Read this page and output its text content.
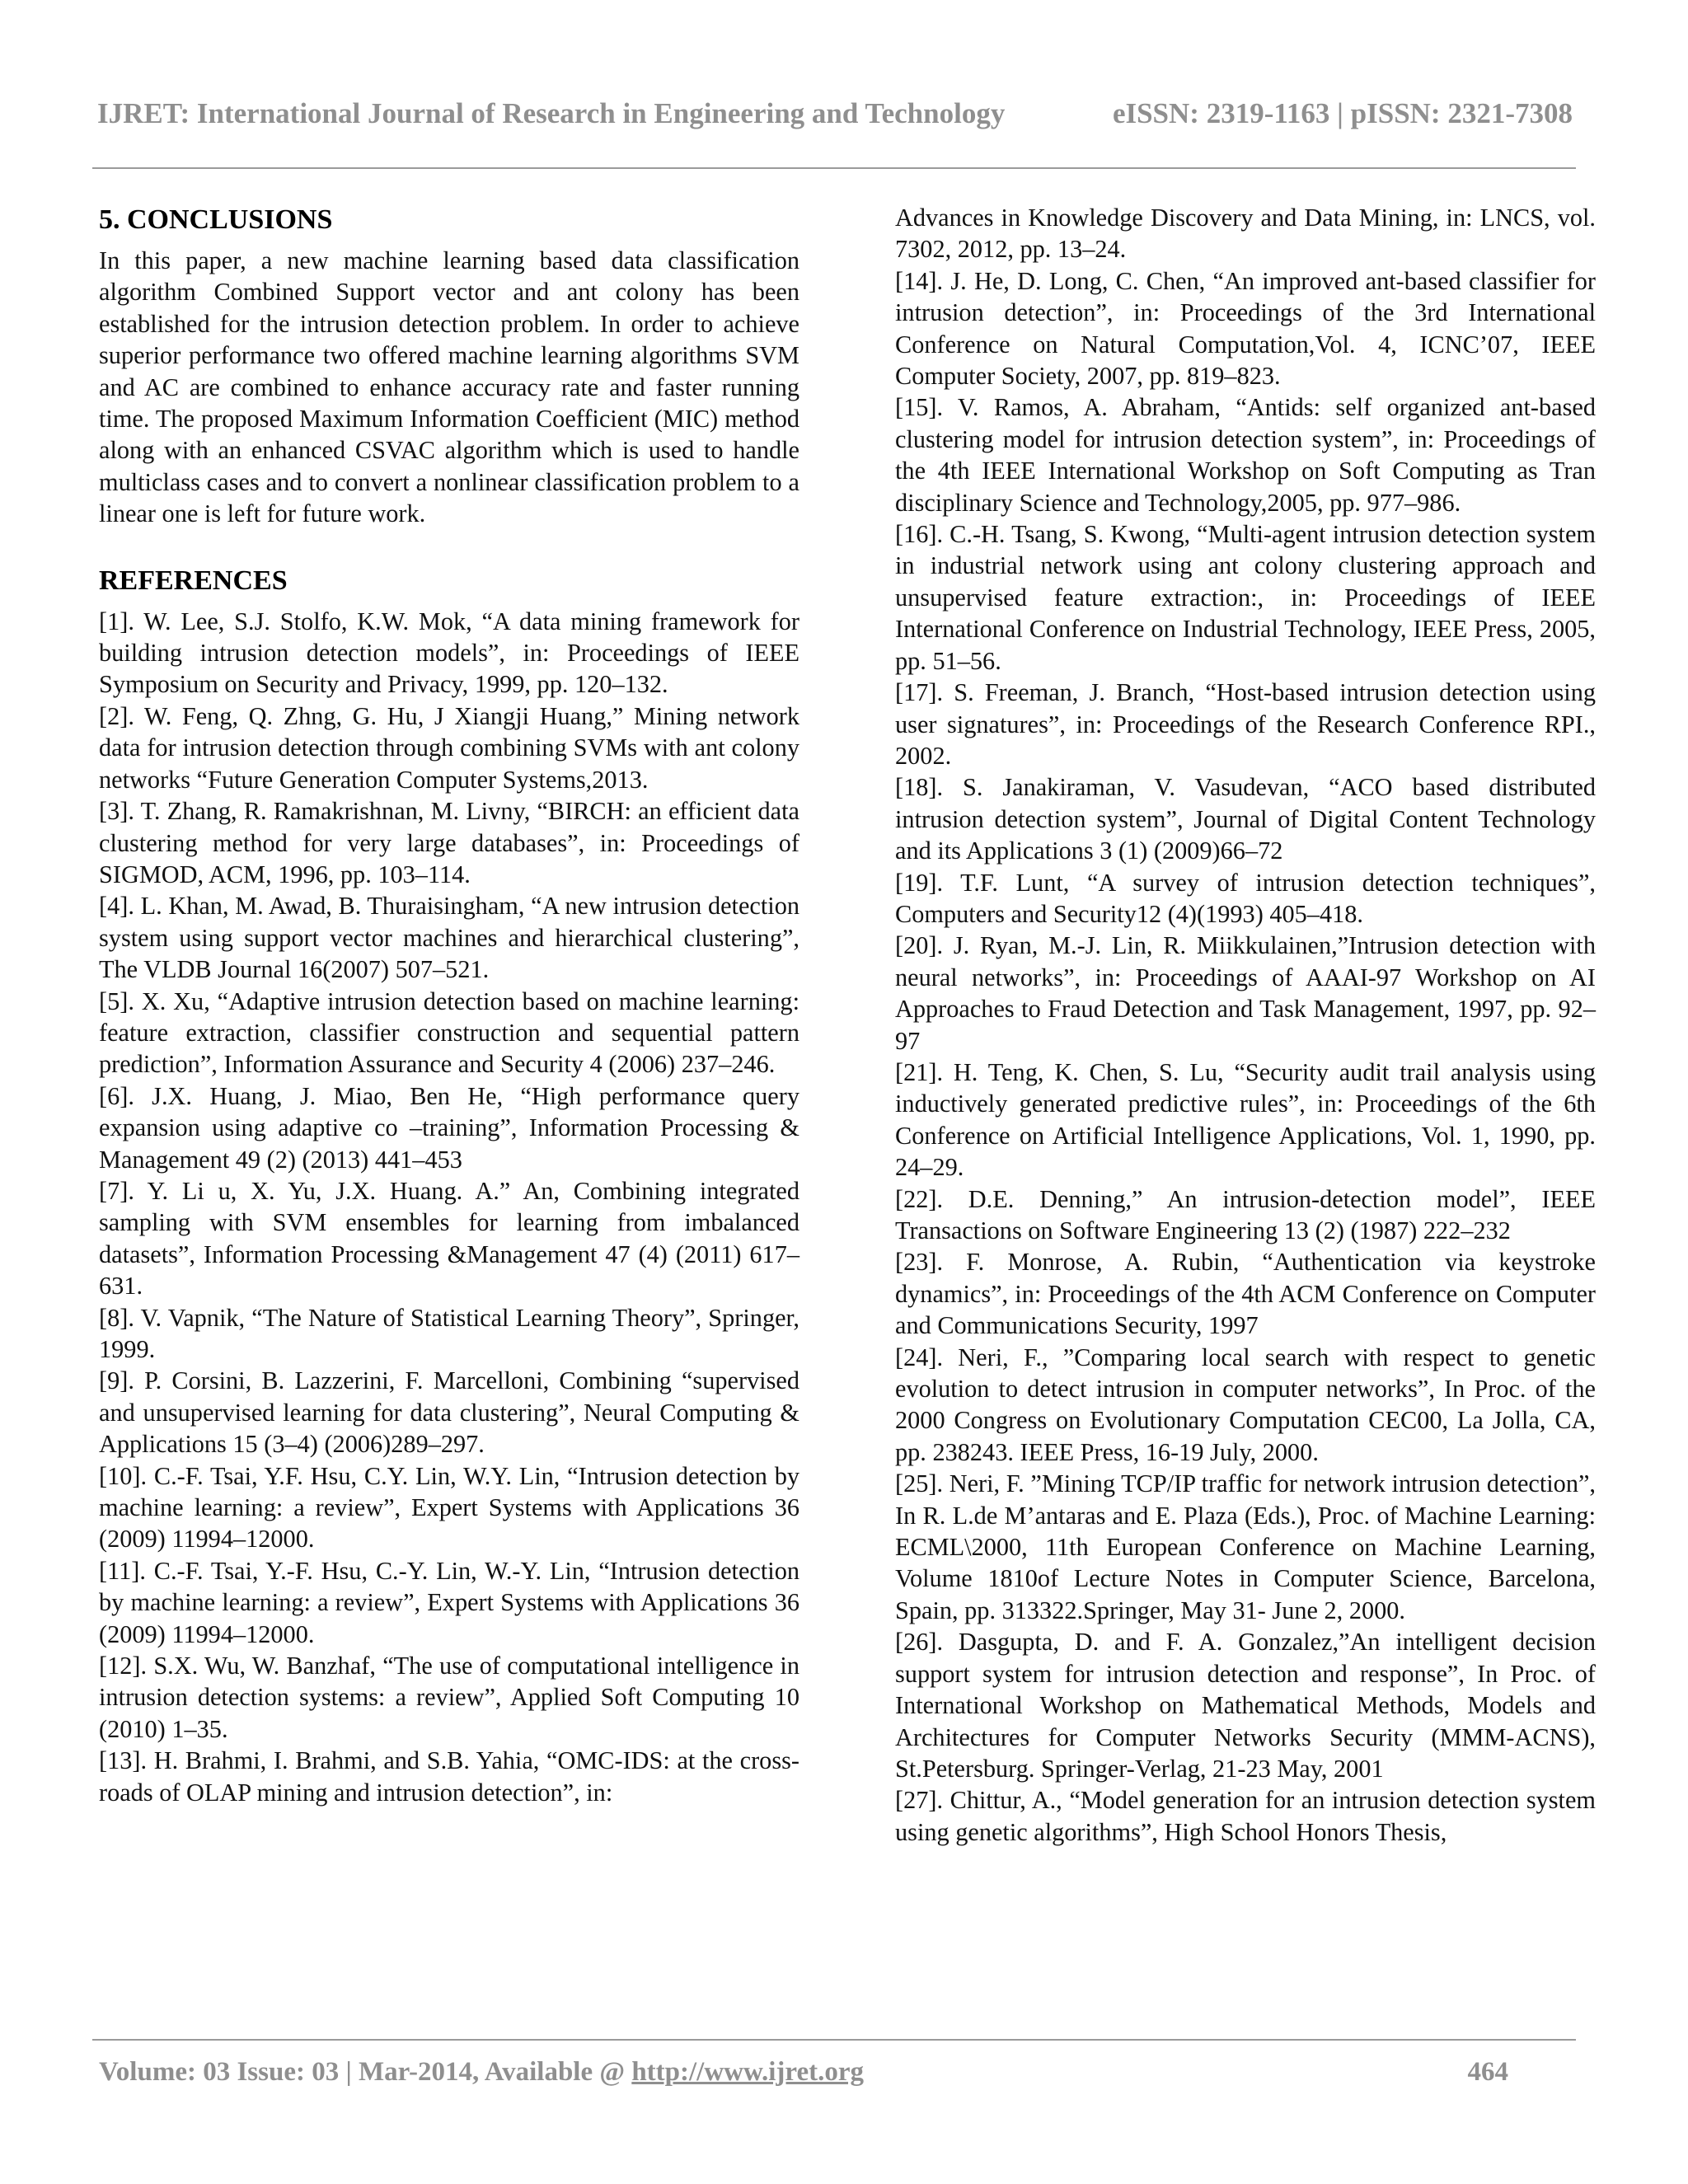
IJRET: International Journal of Research in Engineering and Technology	eISSN: 2319-1163 | pISSN: 2321-7308
5. CONCLUSIONS

In this paper, a new machine learning based data classification algorithm Combined Support vector and ant colony has been established for the intrusion detection problem. In order to achieve superior performance two offered machine learning algorithms SVM and AC are combined to enhance accuracy rate and faster running time. The proposed Maximum Information Coefficient (MIC) method along with an enhanced CSVAC algorithm which is used to handle multiclass cases and to convert a nonlinear classification problem to a linear one is left for future work.

REFERENCES

[1]. W. Lee, S.J. Stolfo, K.W. Mok, “A data mining framework for building intrusion detection models”, in: Proceedings of IEEE Symposium on Security and Privacy, 1999, pp. 120–132.

[2]. W. Feng, Q. Zhng, G. Hu, J Xiangji Huang,” Mining network data for intrusion detection through combining SVMs with ant colony networks “Future Generation Computer Systems,2013.

[3]. T. Zhang, R. Ramakrishnan, M. Livny, “BIRCH: an efficient data clustering method for very large databases”, in: Proceedings of SIGMOD, ACM, 1996, pp. 103–114.

[4]. L. Khan, M. Awad, B. Thuraisingham, “A new intrusion detection system using support vector machines and hierarchical clustering”, The VLDB Journal 16(2007) 507–521.

[5]. X. Xu, “Adaptive intrusion detection based on machine learning: feature extraction, classifier construction and sequential pattern prediction”, Information Assurance and Security 4 (2006) 237–246.

[6]. J.X. Huang, J. Miao, Ben He, “High performance query expansion using adaptive co –training”, Information Processing & Management 49 (2) (2013) 441–453

[7]. Y. Li u, X. Yu, J.X. Huang. A.” An, Combining integrated sampling with SVM ensembles for learning from imbalanced datasets”, Information Processing &Management 47 (4) (2011) 617–631.

[8]. V. Vapnik, “The Nature of Statistical Learning Theory”, Springer, 1999.

[9]. P. Corsini, B. Lazzerini, F. Marcelloni, Combining “supervised and unsupervised learning for data clustering”, Neural Computing & Applications 15 (3–4) (2006)289–297.

[10]. C.-F. Tsai, Y.F. Hsu, C.Y. Lin, W.Y. Lin, “Intrusion detection by machine learning: a review”, Expert Systems with Applications 36 (2009) 11994–12000.

[11]. C.-F. Tsai, Y.-F. Hsu, C.-Y. Lin, W.-Y. Lin, “Intrusion detection by machine learning: a review”, Expert Systems with Applications 36 (2009) 11994–12000.

[12]. S.X. Wu, W. Banzhaf, “The use of computational intelligence in intrusion detection systems: a review”, Applied Soft Computing 10 (2010) 1–35.

[13]. H. Brahmi, I. Brahmi, and S.B. Yahia, “OMC-IDS: at the cross-roads of OLAP mining and intrusion detection”, in:

Advances in Knowledge Discovery and Data Mining, in: LNCS, vol. 7302, 2012, pp. 13–24.

[14]. J. He, D. Long, C. Chen, “An improved ant-based classifier for intrusion detection”, in: Proceedings of the 3rd International Conference on Natural Computation,Vol. 4, ICNC’07, IEEE Computer Society, 2007, pp. 819–823.

[15]. V. Ramos, A. Abraham, “Antids: self organized ant-based clustering model for intrusion detection system”, in: Proceedings of the 4th IEEE International Workshop on Soft Computing as Tran disciplinary Science and Technology,2005, pp. 977–986.

[16]. C.-H. Tsang, S. Kwong, “Multi-agent intrusion detection system in industrial network using ant colony clustering approach and unsupervised feature extraction:, in: Proceedings of IEEE International Conference on Industrial Technology, IEEE Press, 2005, pp. 51–56.

[17]. S. Freeman, J. Branch, “Host-based intrusion detection using user signatures”, in: Proceedings of the Research Conference RPI., 2002.

[18]. S. Janakiraman, V. Vasudevan, “ACO based distributed intrusion detection system”, Journal of Digital Content Technology and its Applications 3 (1) (2009)66–72

[19]. T.F. Lunt, “A survey of intrusion detection techniques”, Computers and Security12 (4)(1993) 405–418.

[20]. J. Ryan, M.-J. Lin, R. Miikkulainen,”Intrusion detection with neural networks”, in: Proceedings of AAAI-97 Workshop on AI Approaches to Fraud Detection and Task Management, 1997, pp. 92–97

[21]. H. Teng, K. Chen, S. Lu, “Security audit trail analysis using inductively generated predictive rules”, in: Proceedings of the 6th Conference on Artificial Intelligence Applications, Vol. 1, 1990, pp. 24–29.

[22]. D.E. Denning,” An intrusion-detection model”, IEEE Transactions on Software Engineering 13 (2) (1987) 222–232

[23]. F. Monrose, A. Rubin, “Authentication via keystroke dynamics”, in: Proceedings of the 4th ACM Conference on Computer and Communications Security, 1997

[24]. Neri, F., ”Comparing local search with respect to genetic evolution to detect intrusion in computer networks”, In Proc. of the 2000 Congress on Evolutionary Computation CEC00, La Jolla, CA, pp. 238243. IEEE Press, 16-19 July, 2000.

[25]. Neri, F. ”Mining TCP/IP traffic for network intrusion detection”, In R. L.de M’antaras and E. Plaza (Eds.), Proc. of Machine Learning: ECML\2000, 11th European Conference on Machine Learning, Volume 1810of Lecture Notes in Computer Science, Barcelona, Spain, pp. 313322.Springer, May 31- June 2, 2000.

[26]. Dasgupta, D. and F. A. Gonzalez,”An intelligent decision support system for intrusion detection and response”, In Proc. of International Workshop on Mathematical Methods, Models and Architectures for Computer Networks Security (MMM-ACNS), St.Petersburg. Springer-Verlag, 21-23 May, 2001

[27]. Chittur, A., “Model generation for an intrusion detection system using genetic algorithms”, High School Honors Thesis,

Volume: 03 Issue: 03 | Mar-2014, Available @ http://www.ijret.org	464
